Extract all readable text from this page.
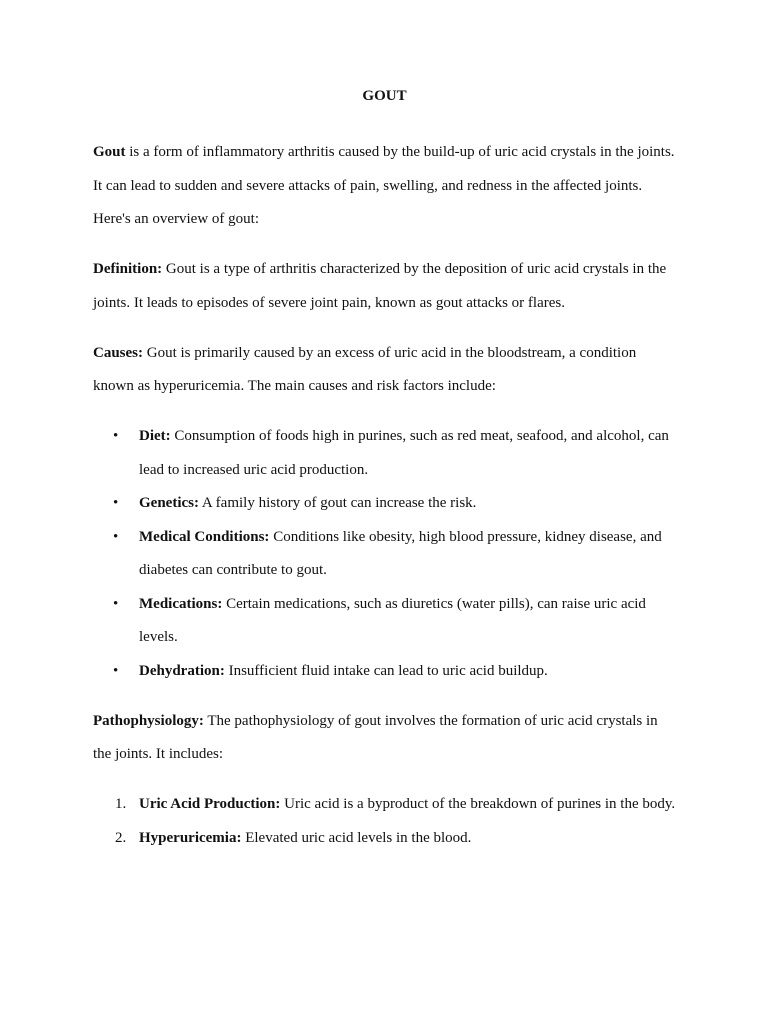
GOUT

Gout is a form of inflammatory arthritis caused by the build-up of uric acid crystals in the joints. It can lead to sudden and severe attacks of pain, swelling, and redness in the affected joints. Here's an overview of gout:

Definition: Gout is a type of arthritis characterized by the deposition of uric acid crystals in the joints. It leads to episodes of severe joint pain, known as gout attacks or flares.

Causes: Gout is primarily caused by an excess of uric acid in the bloodstream, a condition known as hyperuricemia. The main causes and risk factors include:

• Diet: Consumption of foods high in purines, such as red meat, seafood, and alcohol, can lead to increased uric acid production.
• Genetics: A family history of gout can increase the risk.
• Medical Conditions: Conditions like obesity, high blood pressure, kidney disease, and diabetes can contribute to gout.
• Medications: Certain medications, such as diuretics (water pills), can raise uric acid levels.
• Dehydration: Insufficient fluid intake can lead to uric acid buildup.

Pathophysiology: The pathophysiology of gout involves the formation of uric acid crystals in the joints. It includes:

1. Uric Acid Production: Uric acid is a byproduct of the breakdown of purines in the body.
2. Hyperuricemia: Elevated uric acid levels in the blood.
